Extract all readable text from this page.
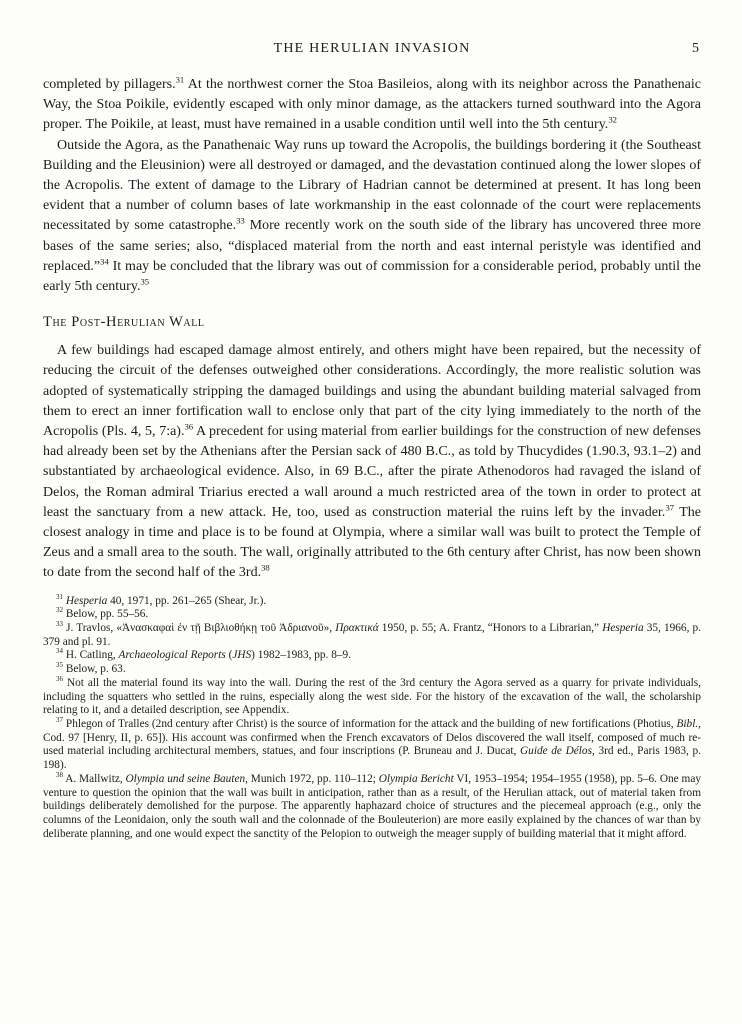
THE HERULIAN INVASION	5

completed by pillagers.$^{31}$ At the northwest corner the Stoa Basileios, along with its neighbor across the Panathenaic Way, the Stoa Poikile, evidently escaped with only minor damage, as the attackers turned southward into the Agora proper. The Poikile, at least, must have remained in a usable condition until well into the 5th century.$^{32}$

Outside the Agora, as the Panathenaic Way runs up toward the Acropolis, the buildings bordering it (the Southeast Building and the Eleusinion) were all destroyed or damaged, and the devastation continued along the lower slopes of the Acropolis. The extent of damage to the Library of Hadrian cannot be determined at present. It has long been evident that a number of column bases of late workmanship in the east colonnade of the court were replacements necessitated by some catastrophe.$^{33}$ More recently work on the south side of the library has uncovered three more bases of the same series; also, “displaced material from the north and east internal peristyle was identified and replaced.”$^{34}$ It may be concluded that the library was out of commission for a considerable period, probably until the early 5th century.$^{35}$

The Post-Herulian Wall

A few buildings had escaped damage almost entirely, and others might have been repaired, but the necessity of reducing the circuit of the defenses outweighed other considerations. Accordingly, the more realistic solution was adopted of systematically stripping the damaged buildings and using the abundant building material salvaged from them to erect an inner fortification wall to enclose only that part of the city lying immediately to the north of the Acropolis (Pls. 4, 5, 7:a).$^{36}$ A precedent for using material from earlier buildings for the construction of new defenses had already been set by the Athenians after the Persian sack of 480 B.C., as told by Thucydides (1.90.3, 93.1–2) and substantiated by archaeological evidence. Also, in 69 B.C., after the pirate Athenodoros had ravaged the island of Delos, the Roman admiral Triarius erected a wall around a much restricted area of the town in order to protect at least the sanctuary from a new attack. He, too, used as construction material the ruins left by the invader.$^{37}$ The closest analogy in time and place is to be found at Olympia, where a similar wall was built to protect the Temple of Zeus and a small area to the south. The wall, originally attributed to the 6th century after Christ, has now been shown to date from the second half of the 3rd.$^{38}$

$^{31}$ Hesperia 40, 1971, pp. 261–265 (Shear, Jr.).

$^{32}$ Below, pp. 55–56.

$^{33}$ J. Travlos, «Ἀνασκαφαὶ ἐν τῇ Βιβλιοθήκῃ τοῦ Ἀδριανοῦ», Πρακτικά 1950, p. 55; A. Frantz, “Honors to a Librarian,” Hesperia 35, 1966, p. 379 and pl. 91.

$^{34}$ H. Catling, Archaeological Reports (JHS) 1982–1983, pp. 8–9.

$^{35}$ Below, p. 63.

$^{36}$ Not all the material found its way into the wall. During the rest of the 3rd century the Agora served as a quarry for private individuals, including the squatters who settled in the ruins, especially along the west side. For the history of the excavation of the wall, the scholarship relating to it, and a detailed description, see Appendix.

$^{37}$ Phlegon of Tralles (2nd century after Christ) is the source of information for the attack and the building of new fortifications (Photius, Bibl., Cod. 97 [Henry, II, p. 65]). His account was confirmed when the French excavators of Delos discovered the wall itself, composed of much re-used material including architectural members, statues, and four inscriptions (P. Bruneau and J. Ducat, Guide de Délos, 3rd ed., Paris 1983, p. 198).

$^{38}$ A. Mallwitz, Olympia und seine Bauten, Munich 1972, pp. 110–112; Olympia Bericht VI, 1953–1954; 1954–1955 (1958), pp. 5–6. One may venture to question the opinion that the wall was built in anticipation, rather than as a result, of the Herulian attack, out of material taken from buildings deliberately demolished for the purpose. The apparently haphazard choice of structures and the piecemeal approach (e.g., only the columns of the Leonidaion, only the south wall and the colonnade of the Bouleuterion) are more easily explained by the chances of war than by deliberate planning, and one would expect the sanctity of the Pelopion to outweigh the meager supply of building material that it might afford.
